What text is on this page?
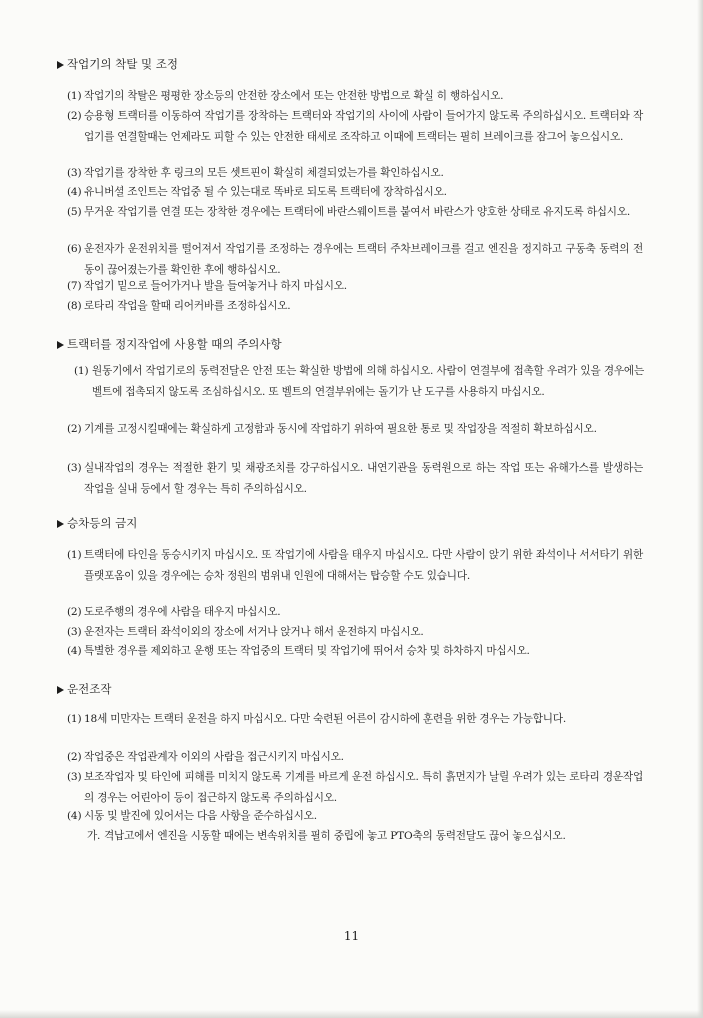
작업기의 착탈 및 조정
(1) 작업기의 착탈은 평평한 장소등의 안전한 장소에서 또는 안전한 방법으로 확실 히 행하십시오.
(2) 승용형 트랙터를 이동하여 작업기를 장착하는 트랙터와 작업기의 사이에 사람이 들어가지 않도록 주의하십시오. 트랙터와 작업기를 연결할때는 언제라도 피할 수 있는 안전한 태세로 조작하고 이때에 트랙터는 필히 브레이크를 잠그어 놓으십시오.
(3) 작업기를 장착한 후 링크의 모든 셋트핀이 확실히 체결되었는가를 확인하십시오.
(4) 유니버셜 조인트는 작업중 될 수 있는대로 똑바로 되도록 트랙터에 장착하십시오.
(5) 무거운 작업기를 연결 또는 장착한 경우에는 트랙터에 바란스웨이트를 붙여서 바란스가 양호한 상태로 유지도록 하십시오.
(6) 운전자가 운전위치를 떨어져서 작업기를 조정하는 경우에는 트랙터 주차브레이크를 걸고 엔진을 정지하고 구동축 동력의 전동이 끊어졌는가를 확인한 후에 행하십시오.
(7) 작업기 밑으로 들어가거나 발을 들여놓거나 하지 마십시오.
(8) 로타리 작업을 할때 리어커바를 조정하십시오.
트랙터를 정지작업에 사용할 때의 주의사항
(1) 원동기에서 작업기로의 동력전달은 안전 또는 확실한 방법에 의해 하십시오. 사람이 연결부에 접촉할 우려가 있을 경우에는 벨트에 접촉되지 않도록 조심하십시오. 또 벨트의 연결부위에는 돌기가 난 도구를 사용하지 마십시오.
(2) 기계를 고정시킬때에는 확실하게 고정함과 동시에 작업하기 위하여 필요한 통로 및 작업장을 적절히 확보하십시오.
(3) 실내작업의 경우는 적절한 환기 및 채광조치를 강구하십시오. 내연기관을 동력원으로 하는 작업 또는 유해가스를 발생하는 작업을 실내 등에서 할 경우는 특히 주의하십시오.
승차등의 금지
(1) 트랙터에 타인을 동승시키지 마십시오. 또 작업기에 사람을 태우지 마십시오. 다만 사람이 앉기 위한 좌석이나 서서타기 위한 플랫포옴이 있을 경우에는 승차 정원의 범위내 인원에 대해서는 탑승할 수도 있습니다.
(2) 도로주행의 경우에 사람을 태우지 마십시오.
(3) 운전자는 트랙터 좌석이외의 장소에 서거나 앉거나 해서 운전하지 마십시오.
(4) 특별한 경우를 제외하고 운행 또는 작업중의 트랙터 및 작업기에 뛰어서 승차 및 하차하지 마십시오.
운전조작
(1) 18세 미만자는 트랙터 운전을 하지 마십시오. 다만 숙련된 어른이 감시하에 훈련을 위한 경우는 가능합니다.
(2) 작업중은 작업관계자 이외의 사람을 접근시키지 마십시오.
(3) 보조작업자 및 타인에 피해를 미치지 않도록 기계를 바르게 운전 하십시오. 특히 흙먼지가 날릴 우려가 있는 로타리 경운작업의 경우는 어린아이 등이 접근하지 않도록 주의하십시오.
(4) 시동 및 발진에 있어서는 다음 사항을 준수하십시오.
가. 격납고에서 엔진을 시동할 때에는 변속위치를 필히 중립에 놓고 PTO축의 동력전달도 끊어 놓으십시오.
11
